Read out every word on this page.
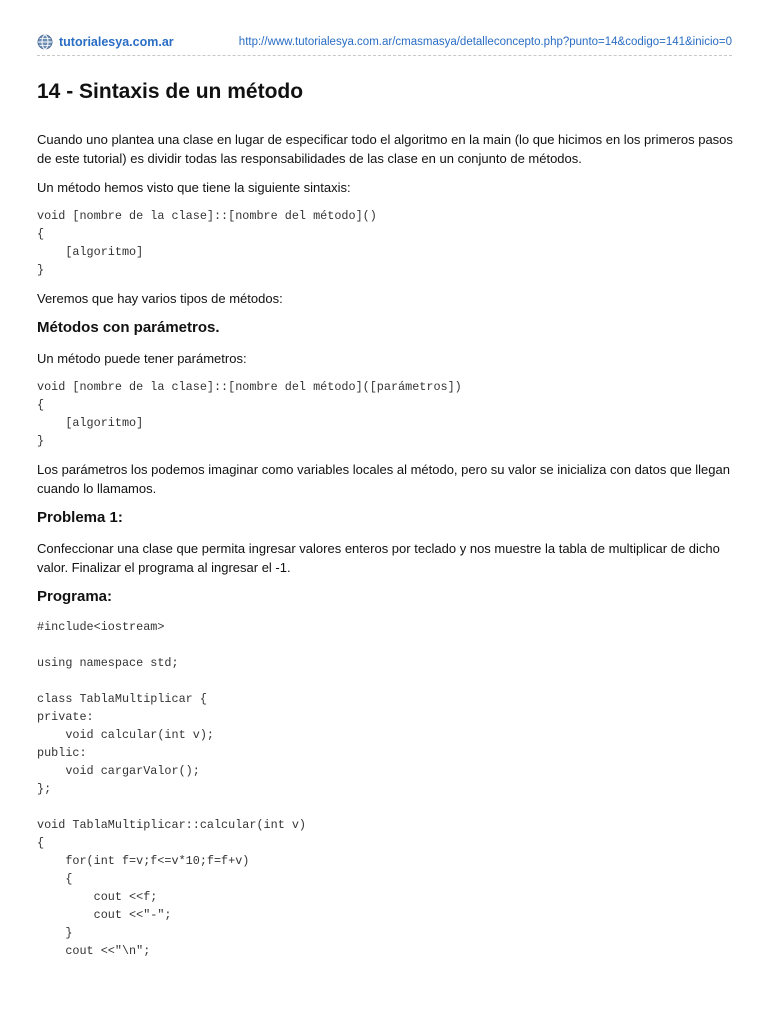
tutorialesya.com.ar	http://www.tutorialesya.com.ar/cmasmasya/detalleconcepto.php?punto=14&codigo=141&inicio=0
14 - Sintaxis de un método

Cuando uno plantea una clase en lugar de especificar todo el algoritmo en la main (lo que hicimos en los primeros pasos de este tutorial) es dividir todas las responsabilidades de las clase en un conjunto de métodos.

Un método hemos visto que tiene la siguiente sintaxis:

void [nombre de la clase]::[nombre del método]()
{
[algoritmo]
}

Veremos que hay varios tipos de métodos:

Métodos con parámetros.

Un método puede tener parámetros:

void [nombre de la clase]::[nombre del método]([parámetros])
{
[algoritmo]
}

Los parámetros los podemos imaginar como variables locales al método, pero su valor se inicializa con datos que llegan cuando lo llamamos.

Problema 1:

Confeccionar una clase que permita ingresar valores enteros por teclado y nos muestre la tabla de multiplicar de dicho valor. Finalizar el programa al ingresar el -1.

Programa:
#include<iostream>

using namespace std;

class TablaMultiplicar {
private:
void calcular(int v);
public:
void cargarValor();
};

void TablaMultiplicar::calcular(int v)
{
for(int f=v;f<=v*10;f=f+v)
{
cout <<f;
cout <<"-";
}
cout <<"\n";
